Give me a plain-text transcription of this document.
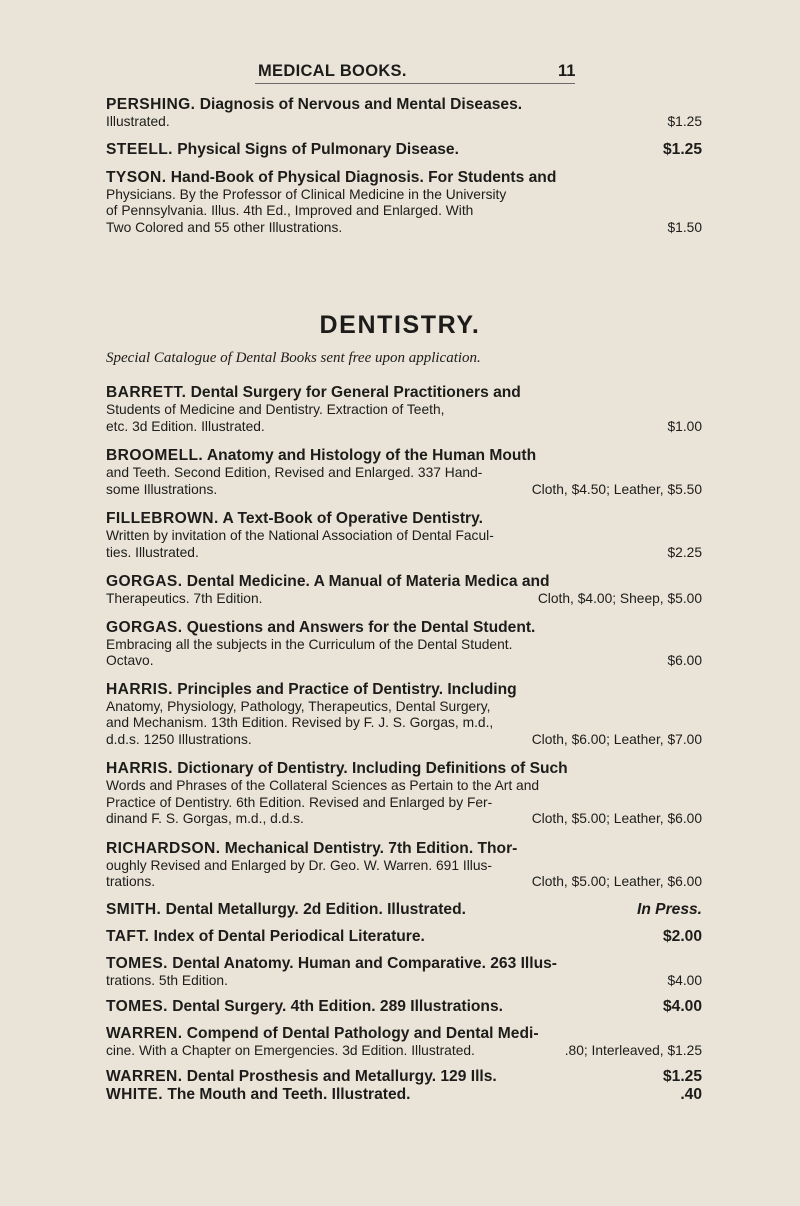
MEDICAL BOOKS.	11
PERSHING. Diagnosis of Nervous and Mental Diseases.
Illustrated.	$1.25
STEELL. Physical Signs of Pulmonary Disease.	$1.25
TYSON. Hand-Book of Physical Diagnosis. For Students and
Physicians. By the Professor of Clinical Medicine in the University
of Pennsylvania. Illus. 4th Ed., Improved and Enlarged. With
Two Colored and 55 other Illustrations.	$1.50
DENTISTRY.
Special Catalogue of Dental Books sent free upon application.
BARRETT. Dental Surgery for General Practitioners and
Students of Medicine and Dentistry. Extraction of Teeth,
etc. 3d Edition. Illustrated.	$1.00
BROOMELL. Anatomy and Histology of the Human Mouth
and Teeth. Second Edition, Revised and Enlarged. 337 Hand-
some Illustrations.	Cloth, $4.50; Leather, $5.50
FILLEBROWN. A Text-Book of Operative Dentistry.
Written by invitation of the National Association of Dental Facul-
ties. Illustrated.	$2.25
GORGAS. Dental Medicine. A Manual of Materia Medica and
Therapeutics. 7th Edition.	Cloth, $4.00; Sheep, $5.00
GORGAS. Questions and Answers for the Dental Student.
Embracing all the subjects in the Curriculum of the Dental Student.
Octavo.	$6.00
HARRIS. Principles and Practice of Dentistry. Including
Anatomy, Physiology, Pathology, Therapeutics, Dental Surgery,
and Mechanism. 13th Edition. Revised by F. J. S. Gorgas, m.d.,
d.d.s. 1250 Illustrations.	Cloth, $6.00; Leather, $7.00
HARRIS. Dictionary of Dentistry. Including Definitions of Such
Words and Phrases of the Collateral Sciences as Pertain to the Art and
Practice of Dentistry. 6th Edition. Revised and Enlarged by Fer-
dinand F. S. Gorgas, m.d., d.d.s.	Cloth, $5.00; Leather, $6.00
RICHARDSON. Mechanical Dentistry. 7th Edition. Thor-
oughly Revised and Enlarged by Dr. Geo. W. Warren. 691 Illus-
trations.	Cloth, $5.00; Leather, $6.00
SMITH. Dental Metallurgy. 2d Edition. Illustrated.	In Press.
TAFT. Index of Dental Periodical Literature.	$2.00
TOMES. Dental Anatomy. Human and Comparative. 263 Illus-
trations. 5th Edition.	$4.00
TOMES. Dental Surgery. 4th Edition. 289 Illustrations.	$4.00
WARREN. Compend of Dental Pathology and Dental Medi-
cine. With a Chapter on Emergencies. 3d Edition. Illustrated.	.80; Interleaved, $1.25
WARREN. Dental Prosthesis and Metallurgy. 129 Ills.	$1.25
WHITE. The Mouth and Teeth. Illustrated.	.40
